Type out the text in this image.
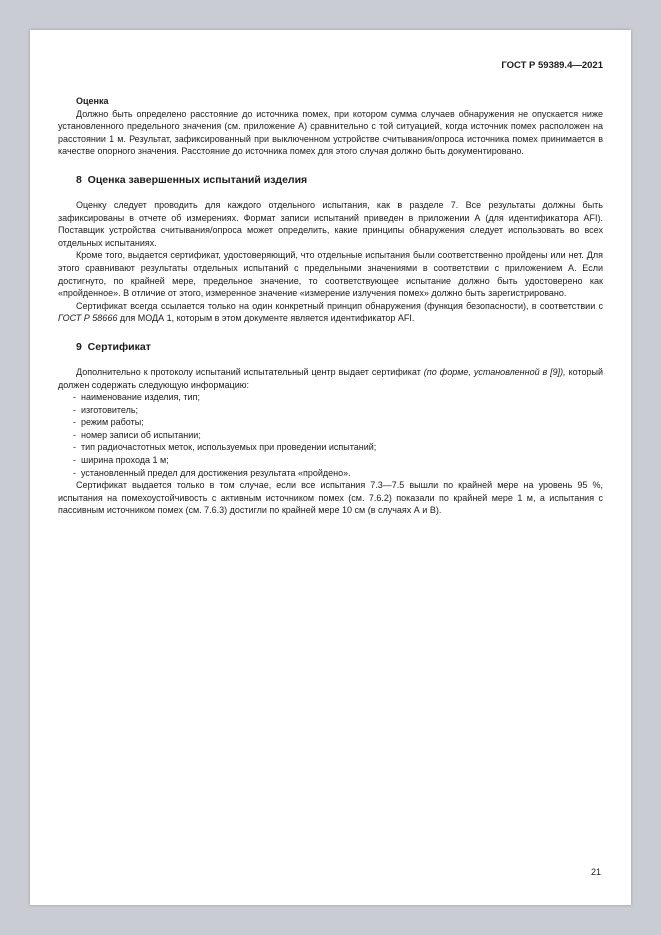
ГОСТ Р 59389.4—2021

Оценка

Должно быть определено расстояние до источника помех, при котором сумма случаев обнаружения не опускается ниже установленного предельного значения (см. приложение А) сравнительно с той ситуацией, когда источник помех расположен на расстоянии 1 м. Результат, зафиксированный при выключенном устройстве считывания/опроса источника помех принимается в качестве опорного значения. Расстояние до источника помех для этого случая должно быть документировано.

8  Оценка завершенных испытаний изделия

Оценку следует проводить для каждого отдельного испытания, как в разделе 7. Все результаты должны быть зафиксированы в отчете об измерениях. Формат записи испытаний приведен в приложении А (для идентификатора AFI). Поставщик устройства считывания/опроса может определить, какие принципы обнаружения следует использовать во всех отдельных испытаниях.

Кроме того, выдается сертификат, удостоверяющий, что отдельные испытания были соответственно пройдены или нет. Для этого сравнивают результаты отдельных испытаний с предельными значениями в соответствии с приложением А. Если достигнуто, по крайней мере, предельное значение, то соответствующее испытание должно быть удостоверено как «пройденное». В отличие от этого, измеренное значение «измерение излучения помех» должно быть зарегистрировано.

Сертификат всегда ссылается только на один конкретный принцип обнаружения (функция безопасности), в соответствии с ГОСТ Р 58666 для МОДА 1, которым в этом документе является идентификатор AFI.

9  Сертификат

Дополнительно к протоколу испытаний испытательный центр выдает сертификат (по форме, установленной в [9]), который должен содержать следующую информацию:

- наименование изделия, тип;
- изготовитель;
- режим работы;
- номер записи об испытании;
- тип радиочастотных меток, используемых при проведении испытаний;
- ширина прохода 1 м;
- установленный предел для достижения результата «пройдено».

Сертификат выдается только в том случае, если все испытания 7.3—7.5 вышли по крайней мере на уровень 95 %, испытания на помехоустойчивость с активным источником помех (см. 7.6.2) показали по крайней мере 1 м, а испытания с пассивным источником помех (см. 7.6.3) достигли по крайней мере 10 см (в случаях А и В).

21
